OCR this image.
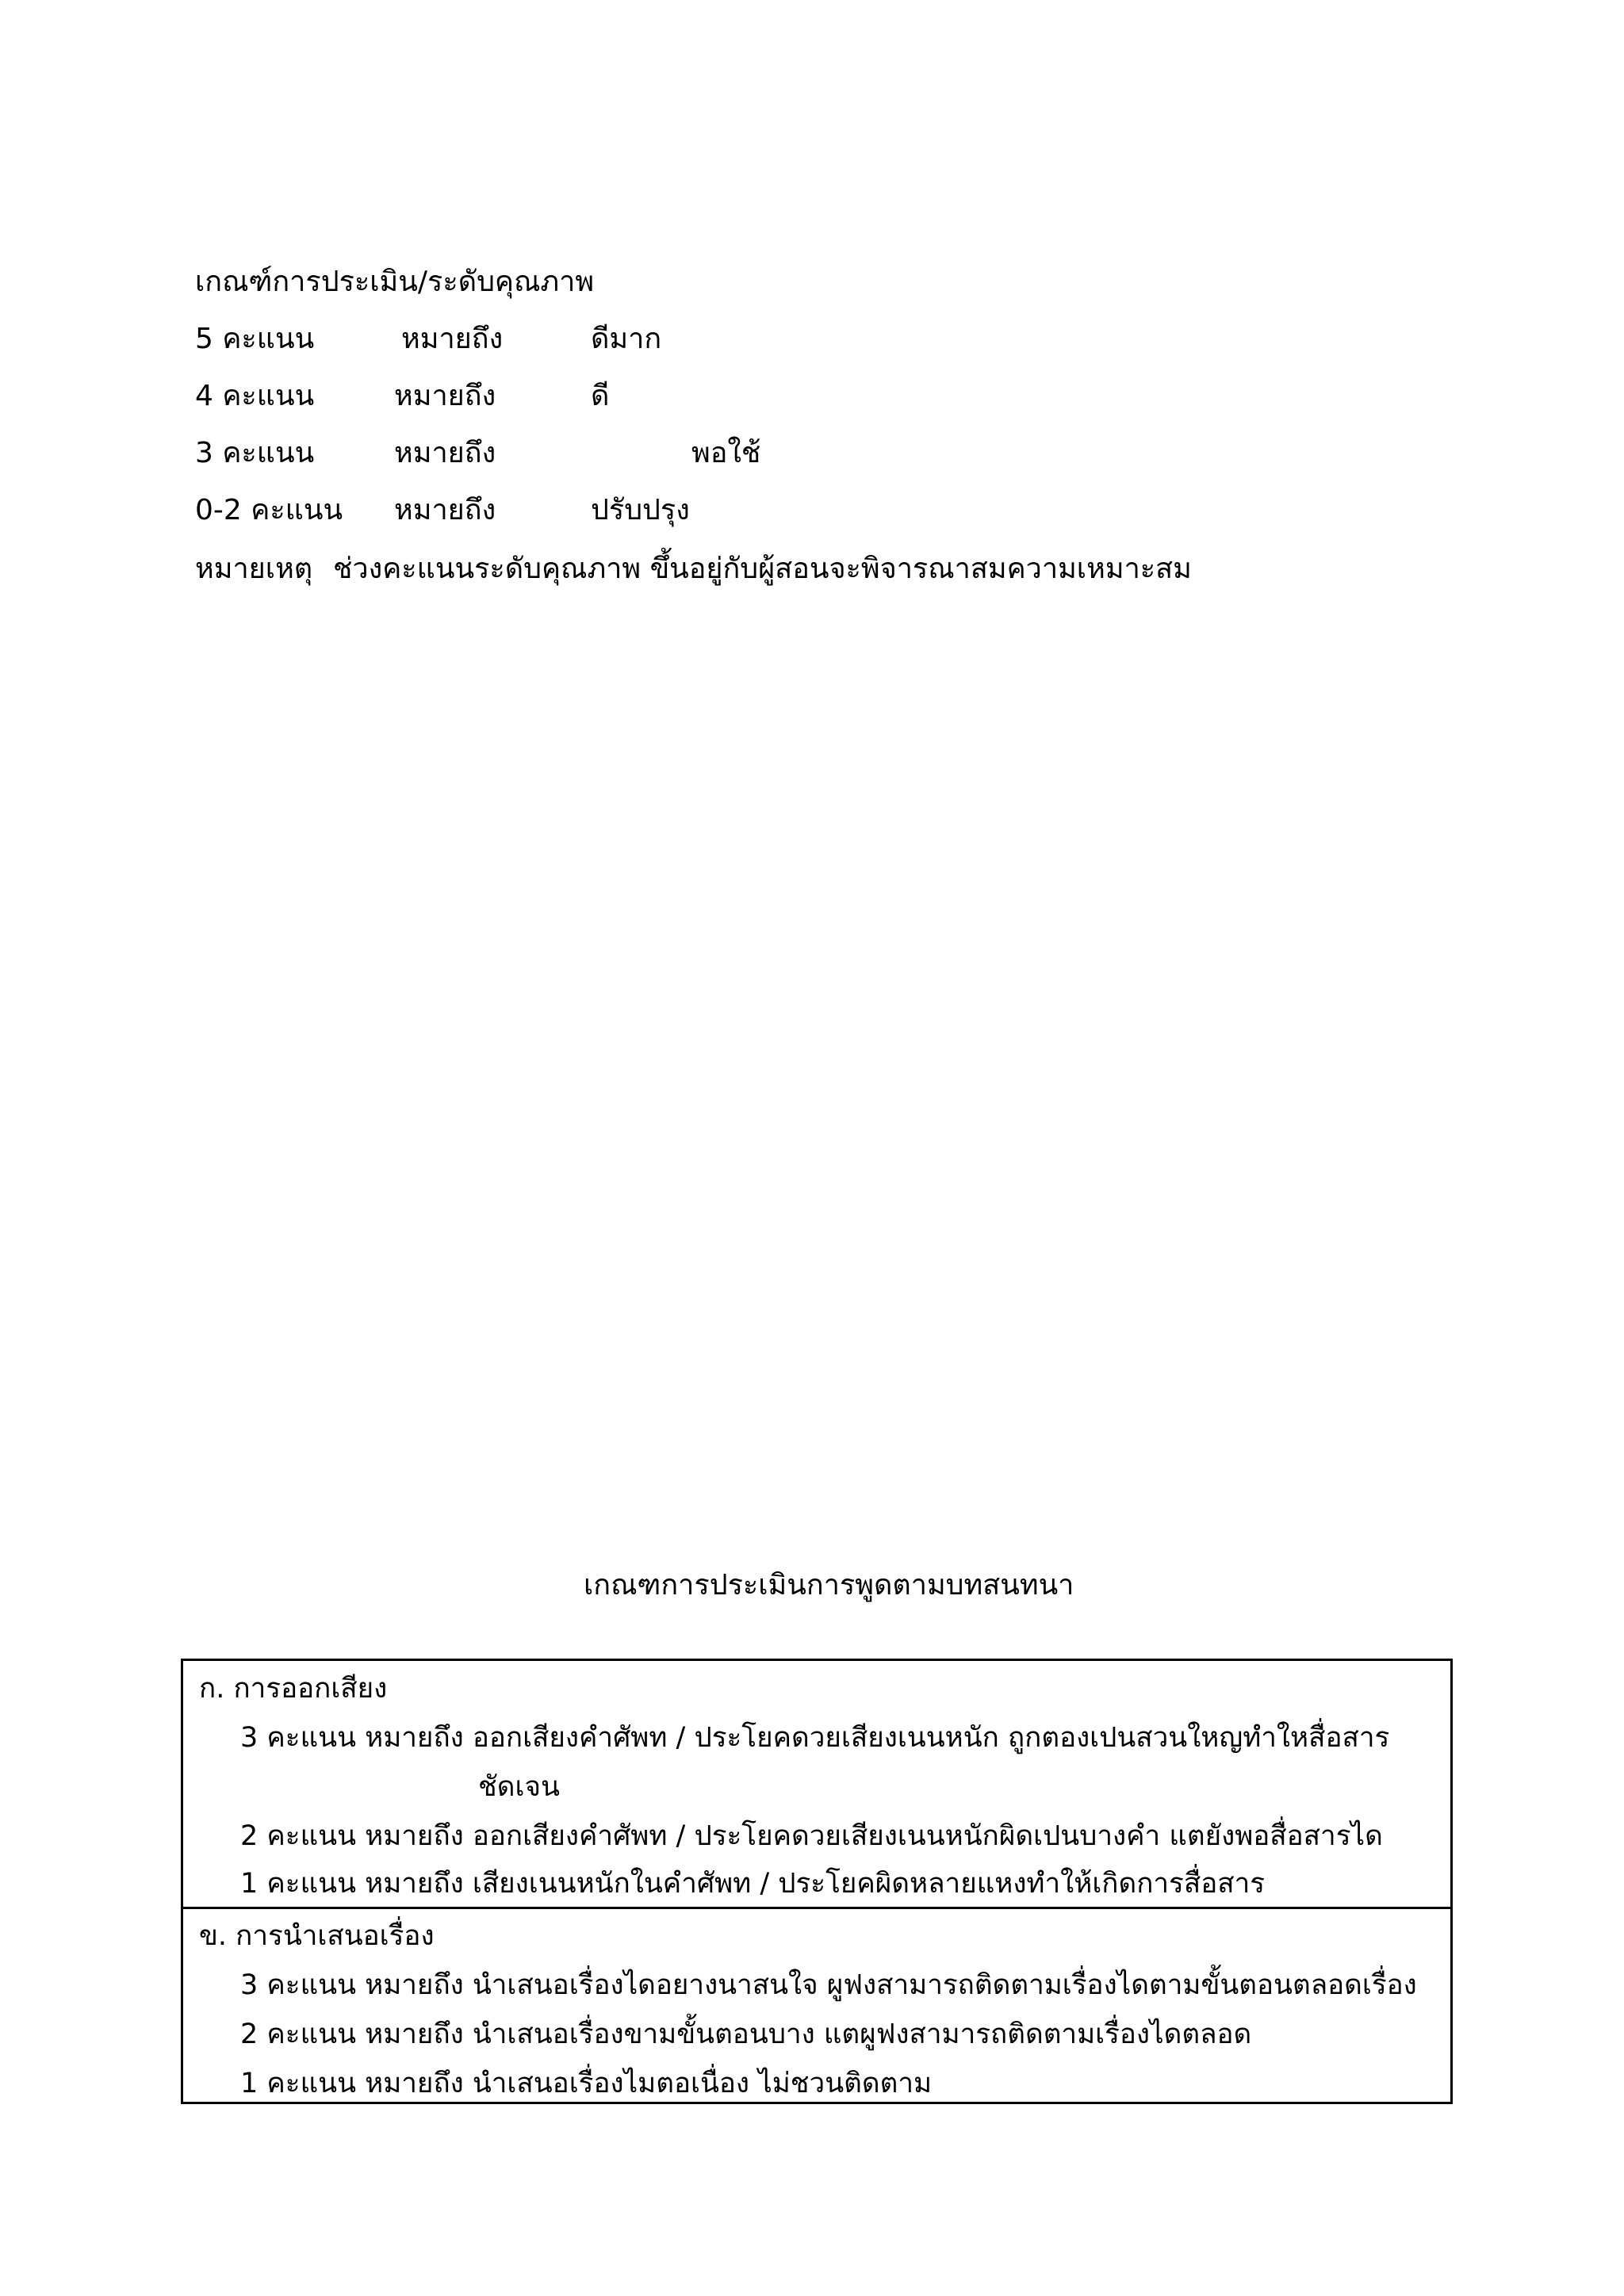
เกณฑ์การประเมิน/ระดับคุณภาพ
5 คะแนน	หมายถึง	ดีมาก
4 คะแนน	หมายถึง	ดี
3 คะแนน	หมายถึง	พอใช้
0-2 คะแนน หมายถึง	ปรับปรุง
หมายเหตุ ช่วงคะแนนระดับคุณภาพ ขึ้นอยู่กับผู้สอนจะพิจารณาสมความเหมาะสม
เกณฑการประเมินการพูดตามบทสนทนา
ก. การออกเสียง
3 คะแนน หมายถึง ออกเสียงคำศัพท / ประโยคดวยเสียงเนนหนัก ถูกตองเปนสวนใหญทำใหสื่อสาร
ชัดเจน
2 คะแนน หมายถึง ออกเสียงคำศัพท / ประโยคดวยเสียงเนนหนักผิดเปนบางคำ แตยังพอสื่อสารได
1 คะแนน หมายถึง เสียงเนนหนักในคำศัพท / ประโยคผิดหลายแหงทำให้เกิดการสื่อสาร
ข. การนำเสนอเรื่อง
3 คะแนน หมายถึง นำเสนอเรื่องไดอยางนาสนใจ ผูฟงสามารถติดตามเรื่องไดตามขั้นตอนตลอดเรื่อง
2 คะแนน หมายถึง นำเสนอเรื่องขามขั้นตอนบาง แตผูฟงสามารถติดตามเรื่องไดตลอด
1 คะแนน หมายถึง นำเสนอเรื่องไมตอเนื่อง ไม่ชวนติดตาม
